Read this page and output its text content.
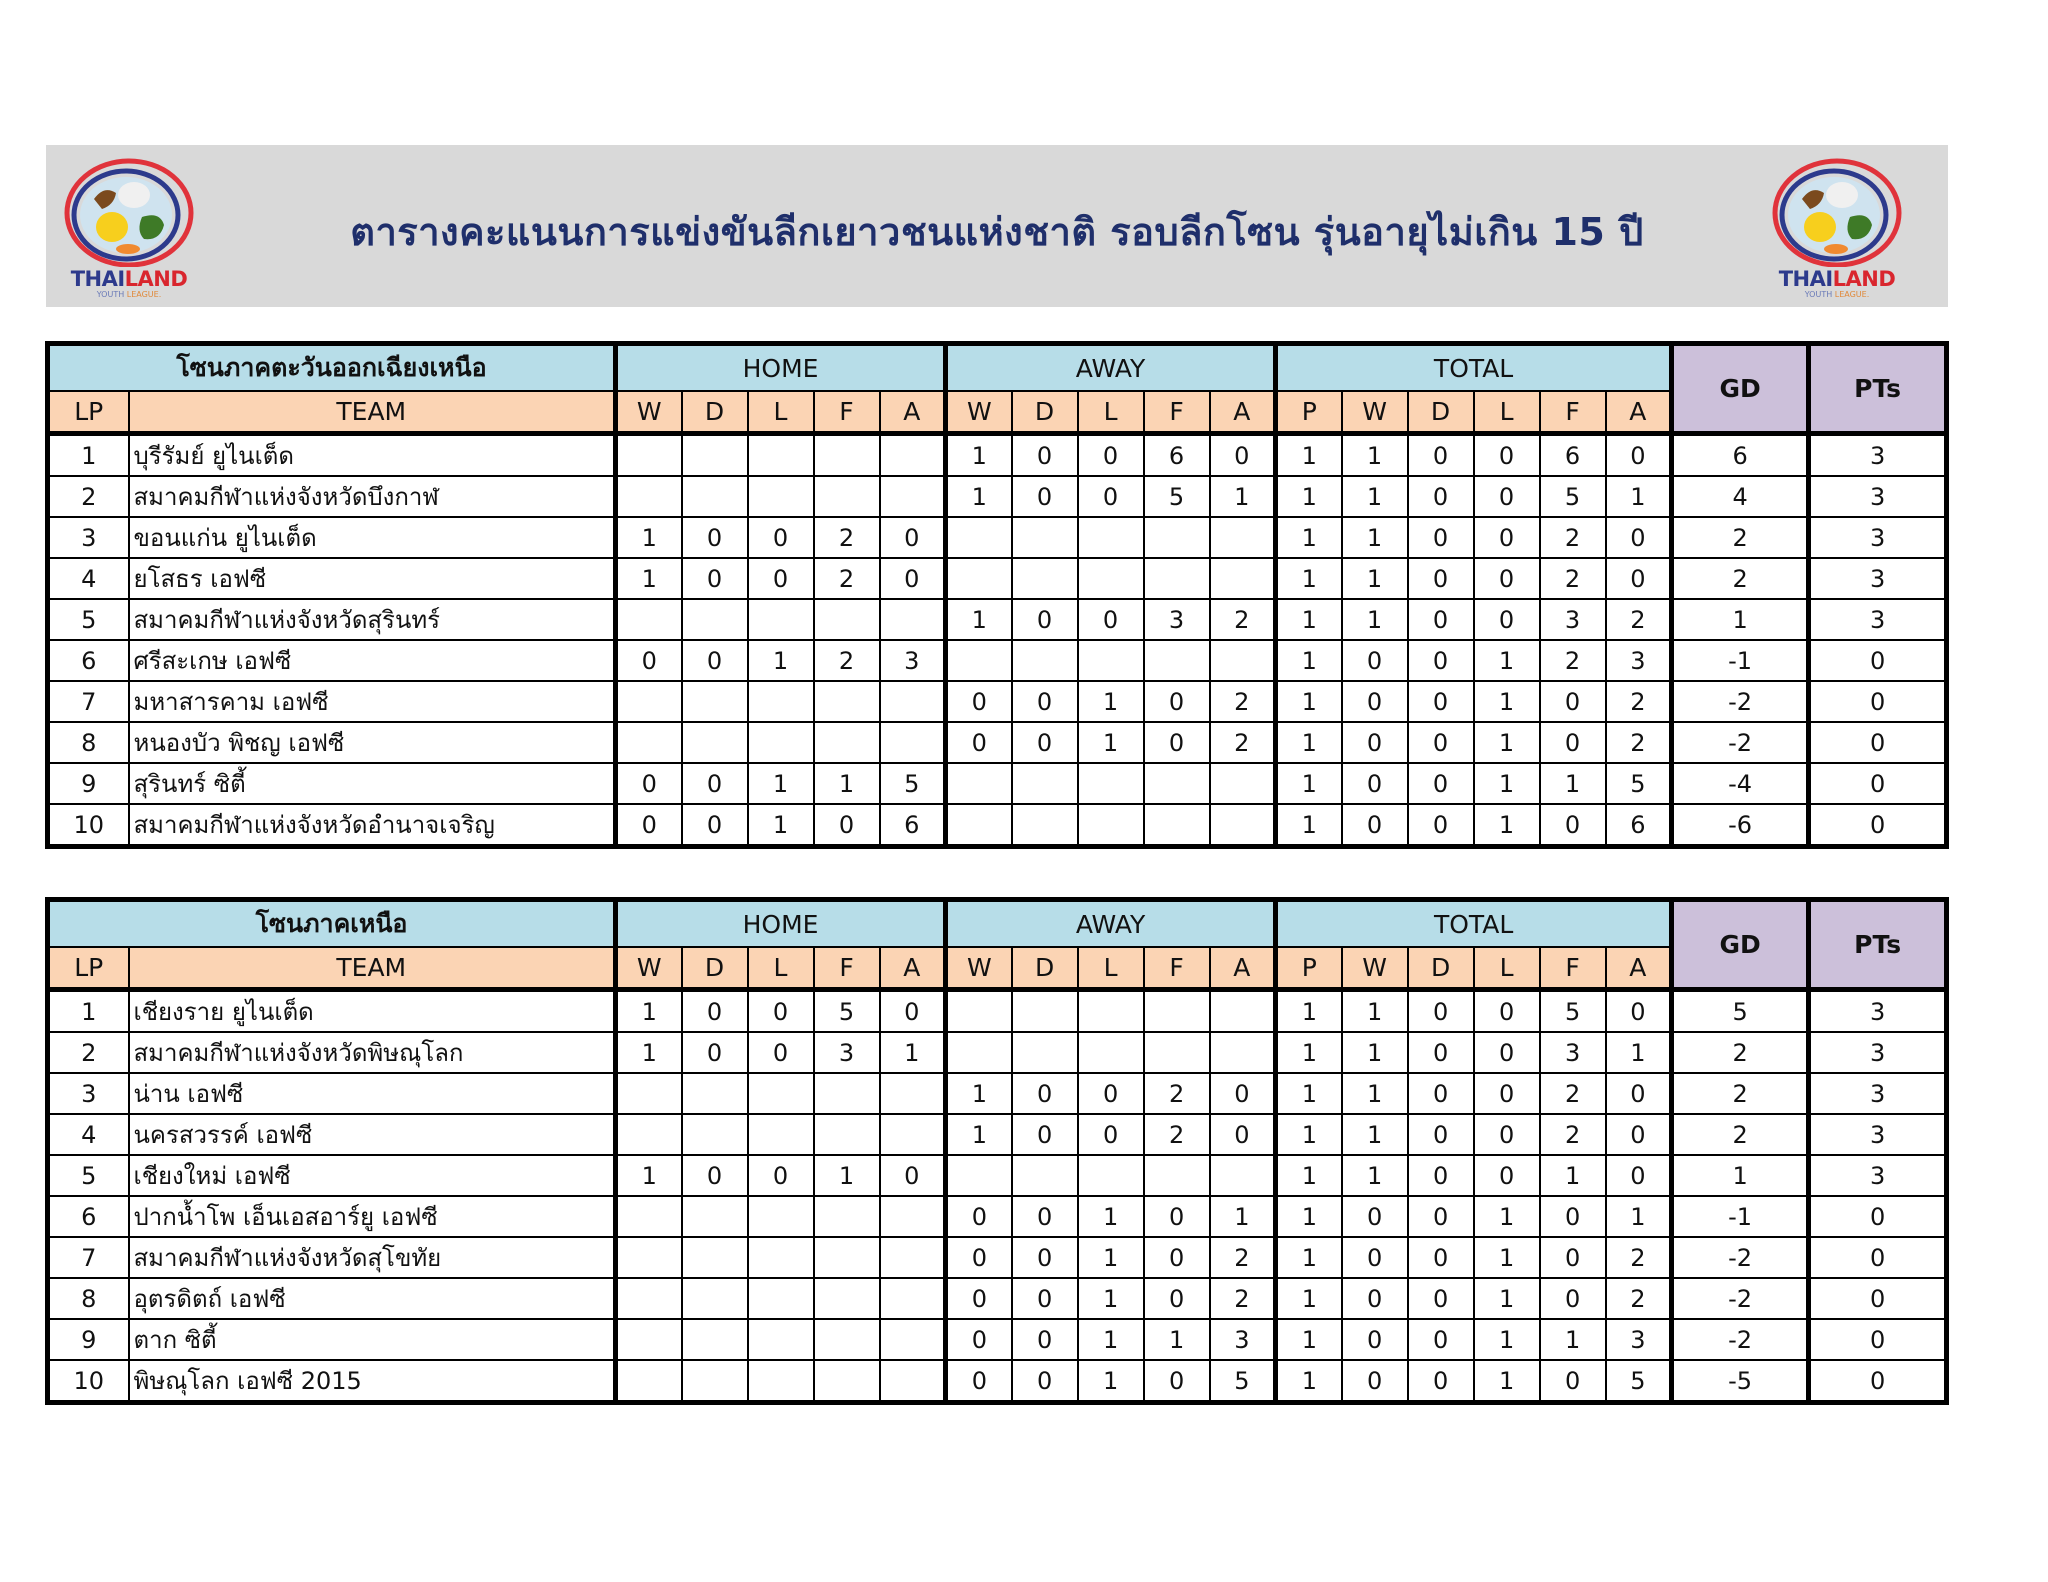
THAILAND
YOUTH LEAGUE.
ตารางคะแนนการแข่งขันลีกเยาวชนแห่งชาติ รอบลีกโซน รุ่นอายุไม่เกิน 15 ปี
THAILAND
YOUTH LEAGUE.
โซนภาคตะวันออกเฉียงเหนือ		HOME					AWAY					TOTAL						GD	PTs
LP	TEAM	W	D	L	F	A	W	D	L	F	A	P	W	D	L	F	A		
1	บุรีรัมย์ ยูไนเต็ด						1	0	0	6	0	1	1	0	0	6	0	6	3
2	สมาคมกีฬาแห่งจังหวัดบึงกาฬ						1	0	0	5	1	1	1	0	0	5	1	4	3
3	ขอนแก่น ยูไนเต็ด	1	0	0	2	0						1	1	0	0	2	0	2	3
4	ยโสธร เอฟซี	1	0	0	2	0						1	1	0	0	2	0	2	3
5	สมาคมกีฬาแห่งจังหวัดสุรินทร์						1	0	0	3	2	1	1	0	0	3	2	1	3
6	ศรีสะเกษ เอฟซี	0	0	1	2	3						1	0	0	1	2	3	-1	0
7	มหาสารคาม เอฟซี						0	0	1	0	2	1	0	0	1	0	2	-2	0
8	หนองบัว พิชญ เอฟซี						0	0	1	0	2	1	0	0	1	0	2	-2	0
9	สุรินทร์ ซิตี้	0	0	1	1	5						1	0	0	1	1	5	-4	0
10	สมาคมกีฬาแห่งจังหวัดอำนาจเจริญ	0	0	1	0	6						1	0	0	1	0	6	-6	0
โซนภาคเหนือ		HOME					AWAY					TOTAL						GD	PTs
LP	TEAM	W	D	L	F	A	W	D	L	F	A	P	W	D	L	F	A		
1	เชียงราย ยูไนเต็ด	1	0	0	5	0						1	1	0	0	5	0	5	3
2	สมาคมกีฬาแห่งจังหวัดพิษณุโลก	1	0	0	3	1						1	1	0	0	3	1	2	3
3	น่าน เอฟซี						1	0	0	2	0	1	1	0	0	2	0	2	3
4	นครสวรรค์ เอฟซี						1	0	0	2	0	1	1	0	0	2	0	2	3
5	เชียงใหม่ เอฟซี	1	0	0	1	0						1	1	0	0	1	0	1	3
6	ปากน้ำโพ เอ็นเอสอาร์ยู เอฟซี						0	0	1	0	1	1	0	0	1	0	1	-1	0
7	สมาคมกีฬาแห่งจังหวัดสุโขทัย						0	0	1	0	2	1	0	0	1	0	2	-2	0
8	อุตรดิตถ์ เอฟซี						0	0	1	0	2	1	0	0	1	0	2	-2	0
9	ตาก ซิตี้						0	0	1	1	3	1	0	0	1	1	3	-2	0
10	พิษณุโลก เอฟซี 2015						0	0	1	0	5	1	0	0	1	0	5	-5	0
